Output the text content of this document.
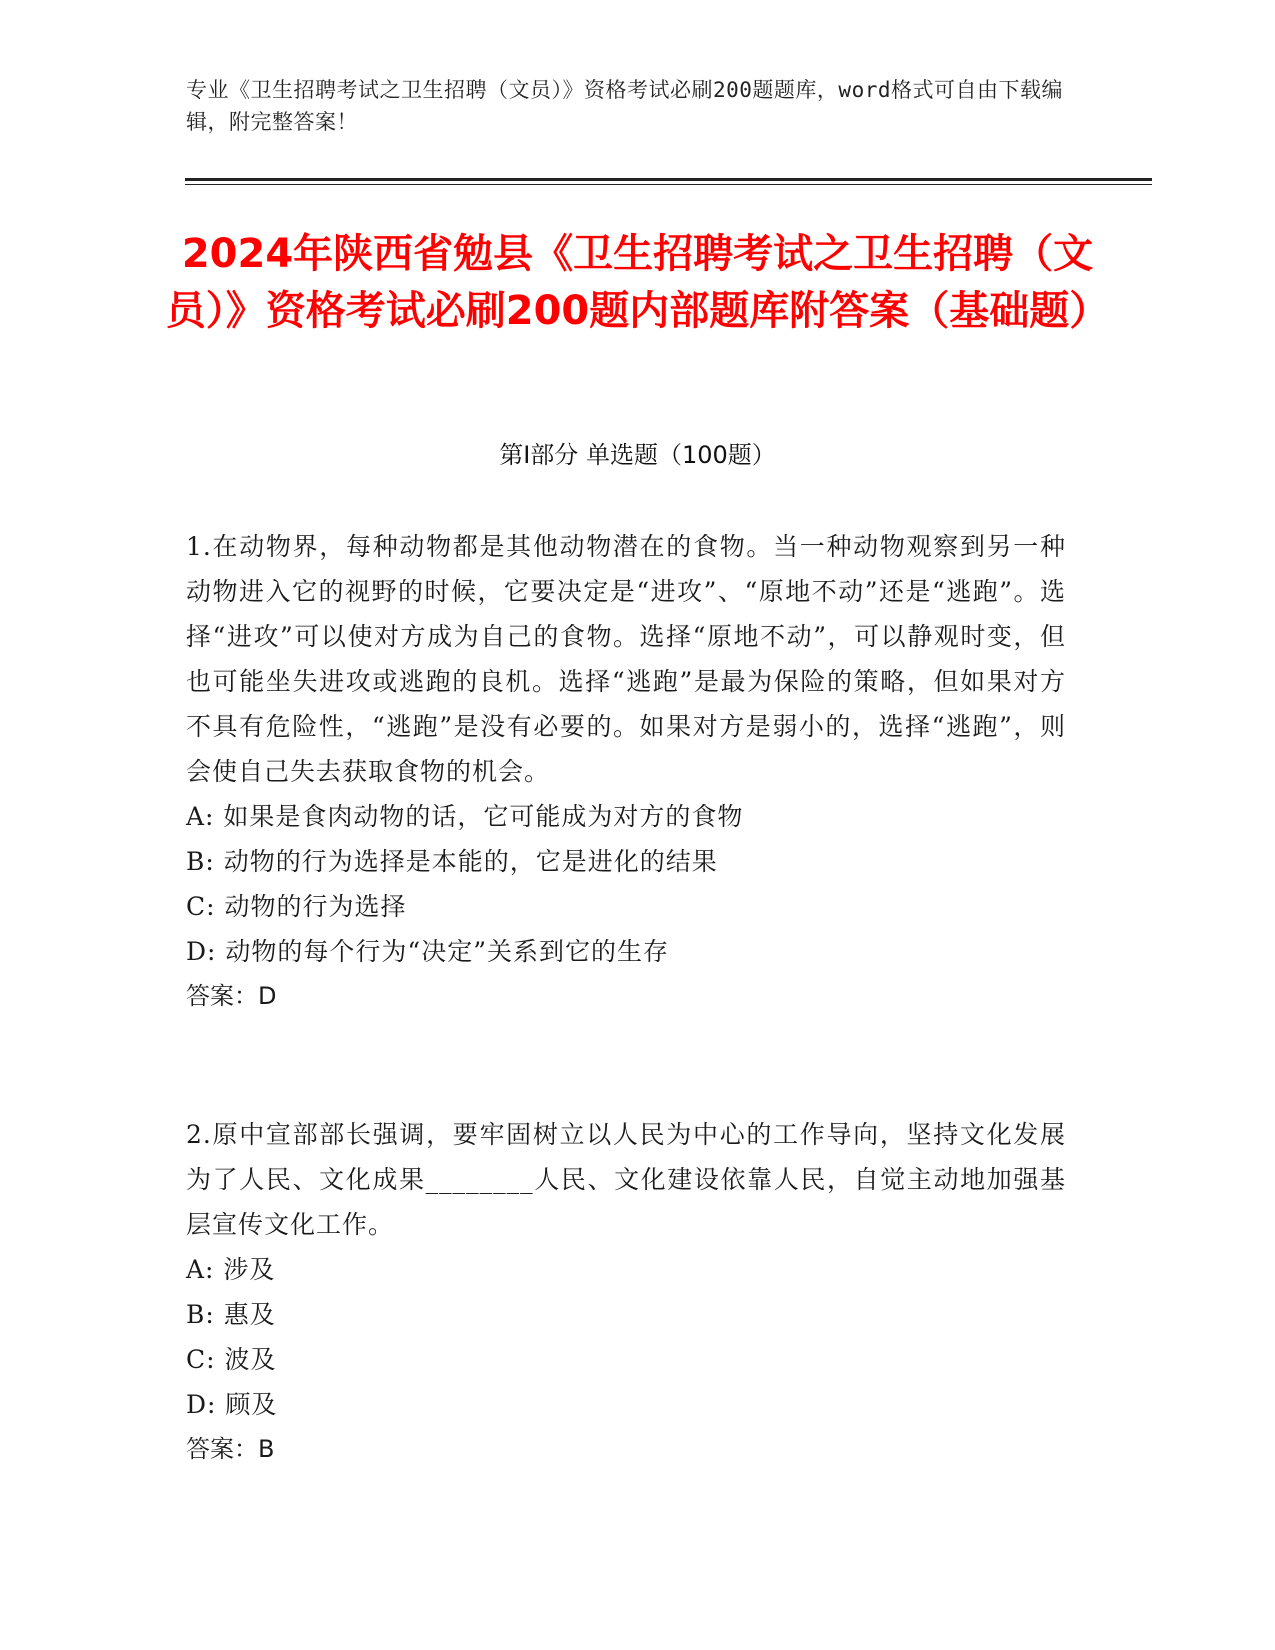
专业《卫生招聘考试之卫生招聘（文员）》资格考试必刷200题题库，word格式可自由下载编辑，附完整答案！
2024年陕西省勉县《卫生招聘考试之卫生招聘（文员）》资格考试必刷200题内部题库附答案（基础题）
第I部分 单选题（100题）

1.在动物界，每种动物都是其他动物潜在的食物。当一种动物观察到另一种动物进入它的视野的时候，它要决定是“进攻”、“原地不动”还是“逃跑”。选择“进攻”可以使对方成为自己的食物。选择“原地不动”，可以静观时变，但也可能坐失进攻或逃跑的良机。选择“逃跑”是最为保险的策略，但如果对方不具有危险性，“逃跑”是没有必要的。如果对方是弱小的，选择“逃跑”，则会使自己失去获取食物的机会。

A: 如果是食肉动物的话，它可能成为对方的食物

B: 动物的行为选择是本能的，它是进化的结果

C: 动物的行为选择

D: 动物的每个行为“决定”关系到它的生存

答案：D

2.原中宣部部长强调，要牢固树立以人民为中心的工作导向，坚持文化发展为了人民、文化成果________人民、文化建设依靠人民，自觉主动地加强基层宣传文化工作。

A: 涉及

B: 惠及

C: 波及

D: 顾及

答案：B
